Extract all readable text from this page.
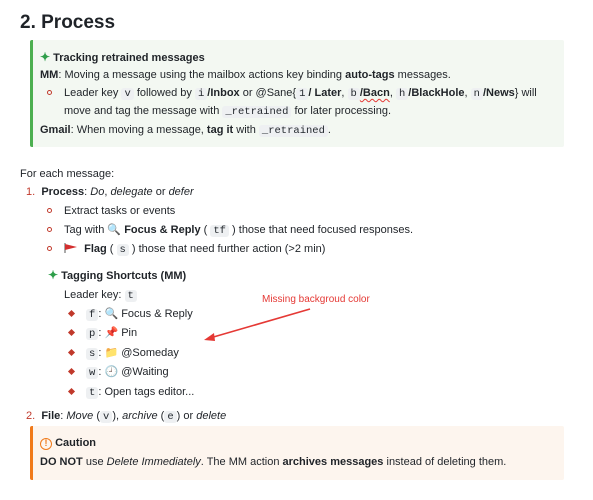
2. Process
✦ Tracking retrained messages
MM: Moving a message using the mailbox actions key binding auto-tags messages.
Leader key v followed by i /Inbox or @Sane{ 1 / Later, b /Bacn, h /BlackHole, n /News} will
move and tag the message with _retrained for later processing.
Gmail: When moving a message, tag it with _retrained .
For each message:
1. Process: Do, delegate or defer
Extract tasks or events
Tag with 🔍 Focus & Reply ( tf ) those that need focused responses.
Flag ( s ) those that need further action (>2 min)
✦ Tagging Shortcuts (MM)
Leader key: t
f : 🔍 Focus & Reply
p : 📌 Pin
s : 📁 @Someday
w : 🕘 @Waiting
t : Open tags editor...
Missing backgroud color
2. File: Move ( v ), archive ( e ) or delete
! Caution
DO NOT use Delete Immediately. The MM action archives messages instead of deleting them.
